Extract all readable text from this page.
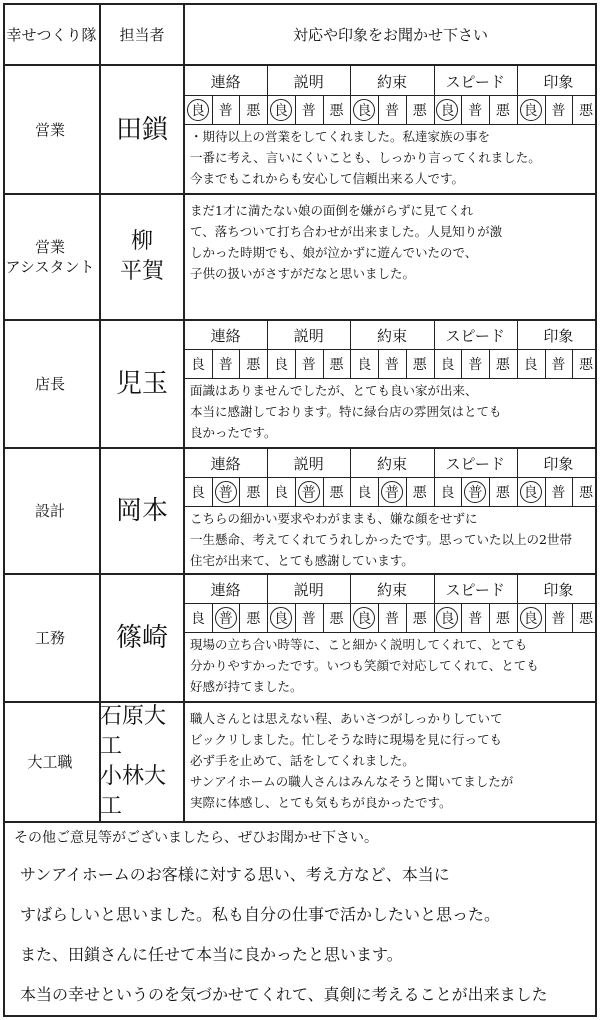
幸せつくり隊	担当者	対応や印象をお聞かせ下さい
営業 田鎖
連絡
良 普 悪
説明
良 普 悪
約束
良 普 悪
スピード
良 普 悪
印象
良 普 悪
・期待以上の営業をしてくれました。私達家族の事を
一番に考え、言いにくいことも、しっかり言ってくれました。
今までもこれからも安心して信頼出来る人です。
営業
アシスタント
柳
平賀
まだ1才に満たない娘の面倒を嫌がらずに見てくれ
て、落ちついて打ち合わせが出来ました。人見知りが激
しかった時期でも、娘が泣かずに遊んでいたので、
子供の扱いがさすがだなと思いました。
店長 児玉
連絡
良 普 悪
説明
良 普 悪
約束
良 普 悪
スピード
良 普 悪
印象
良 普 悪
面識はありませんでしたが、とても良い家が出来、
本当に感謝しております。特に緑台店の雰囲気はとても
良かったです。
設計 岡本
連絡
良 普 悪
説明
良 普 悪
約束
良 普 悪
スピード
良 普 悪
印象
良 普 悪
こちらの細かい要求やわがままも、嫌な顔をせずに
一生懸命、考えてくれてうれしかったです。思っていた以上の2世帯
住宅が出来て、とても感謝しています。
工務 篠崎
連絡
良 普 悪
説明
良 普 悪
約束
良 普 悪
スピード
良 普 悪
印象
良 普 悪
現場の立ち合い時等に、こと細かく説明してくれて、とても
分かりやすかったです。いつも笑顔で対応してくれて、とても
好感が持てました。
大工職
石原大工
小林大工
職人さんとは思えない程、あいさつがしっかりしていて
ビックリしました。忙しそうな時に現場を見に行っても
必ず手を止めて、話をしてくれました。
サンアイホームの職人さんはみんなそうと聞いてましたが
実際に体感し、とても気もちが良かったです。
その他ご意見等がございましたら、ぜひお聞かせ下さい。
サンアイホームのお客様に対する思い、考え方など、本当に
すばらしいと思いました。私も自分の仕事で活かしたいと思った。
また、田鎖さんに任せて本当に良かったと思います。
本当の幸せというのを気づかせてくれて、真剣に考えることが出来ました
